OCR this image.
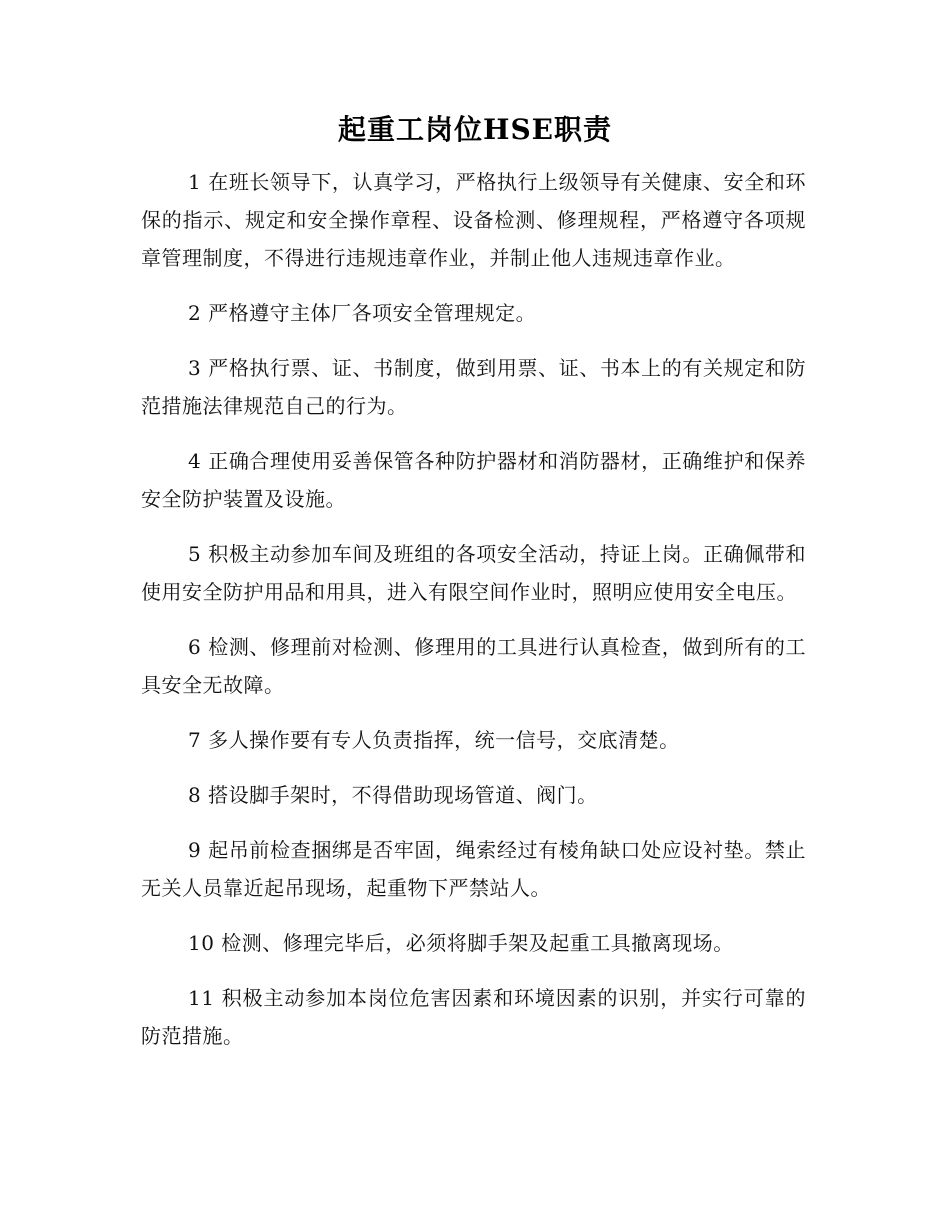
起重工岗位HSE职责

1 在班长领导下，认真学习，严格执行上级领导有关健康、安全和环保的指示、规定和安全操作章程、设备检测、修理规程，严格遵守各项规章管理制度，不得进行违规违章作业，并制止他人违规违章作业。

2 严格遵守主体厂各项安全管理规定。

3 严格执行票、证、书制度，做到用票、证、书本上的有关规定和防范措施法律规范自己的行为。

4 正确合理使用妥善保管各种防护器材和消防器材，正确维护和保养安全防护装置及设施。

5 积极主动参加车间及班组的各项安全活动，持证上岗。正确佩带和使用安全防护用品和用具，进入有限空间作业时，照明应使用安全电压。

6 检测、修理前对检测、修理用的工具进行认真检查，做到所有的工具安全无故障。

7 多人操作要有专人负责指挥，统一信号，交底清楚。

8 搭设脚手架时，不得借助现场管道、阀门。

9 起吊前检查捆绑是否牢固，绳索经过有棱角缺口处应设衬垫。禁止无关人员靠近起吊现场，起重物下严禁站人。

10 检测、修理完毕后，必须将脚手架及起重工具撤离现场。

11 积极主动参加本岗位危害因素和环境因素的识别，并实行可靠的防范措施。
